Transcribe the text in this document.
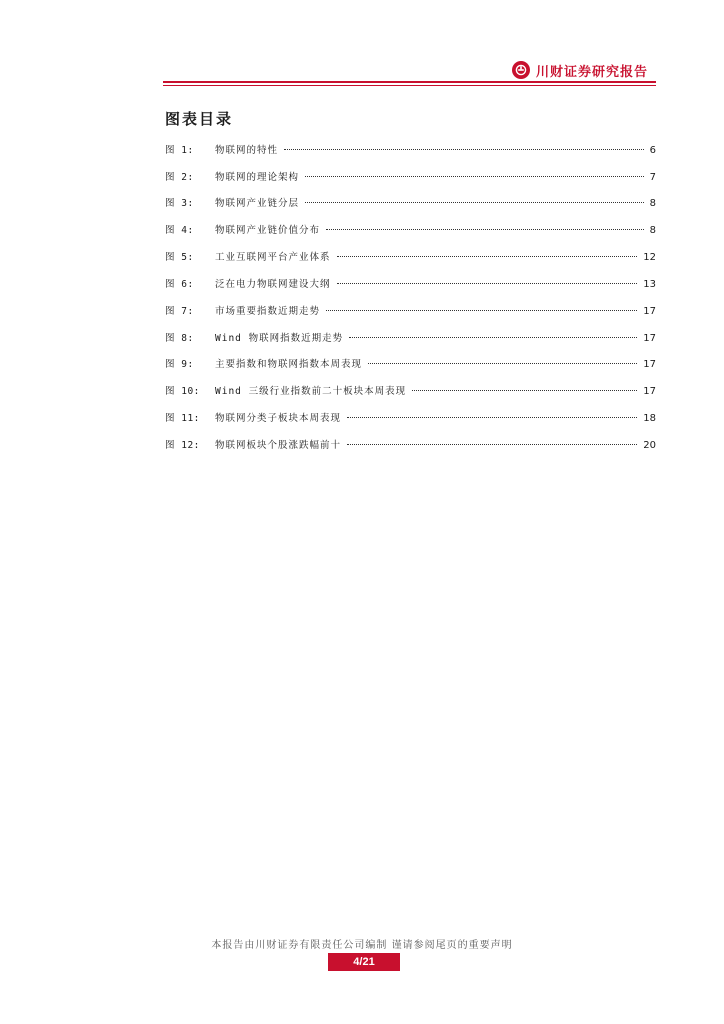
川财证券研究报告
图表目录
图 1:	物联网的特性	6
图 2:	物联网的理论架构	7
图 3:	物联网产业链分层	8
图 4:	物联网产业链价值分布	8
图 5:	工业互联网平台产业体系	12
图 6:	泛在电力物联网建设大纲	13
图 7:	市场重要指数近期走势	17
图 8:	Wind 物联网指数近期走势	17
图 9:	主要指数和物联网指数本周表现	17
图 10:	Wind 三级行业指数前二十板块本周表现	17
图 11:	物联网分类子板块本周表现	18
图 12:	物联网板块个股涨跌幅前十	20
本报告由川财证券有限责任公司编制 谨请参阅尾页的重要声明
4/21
